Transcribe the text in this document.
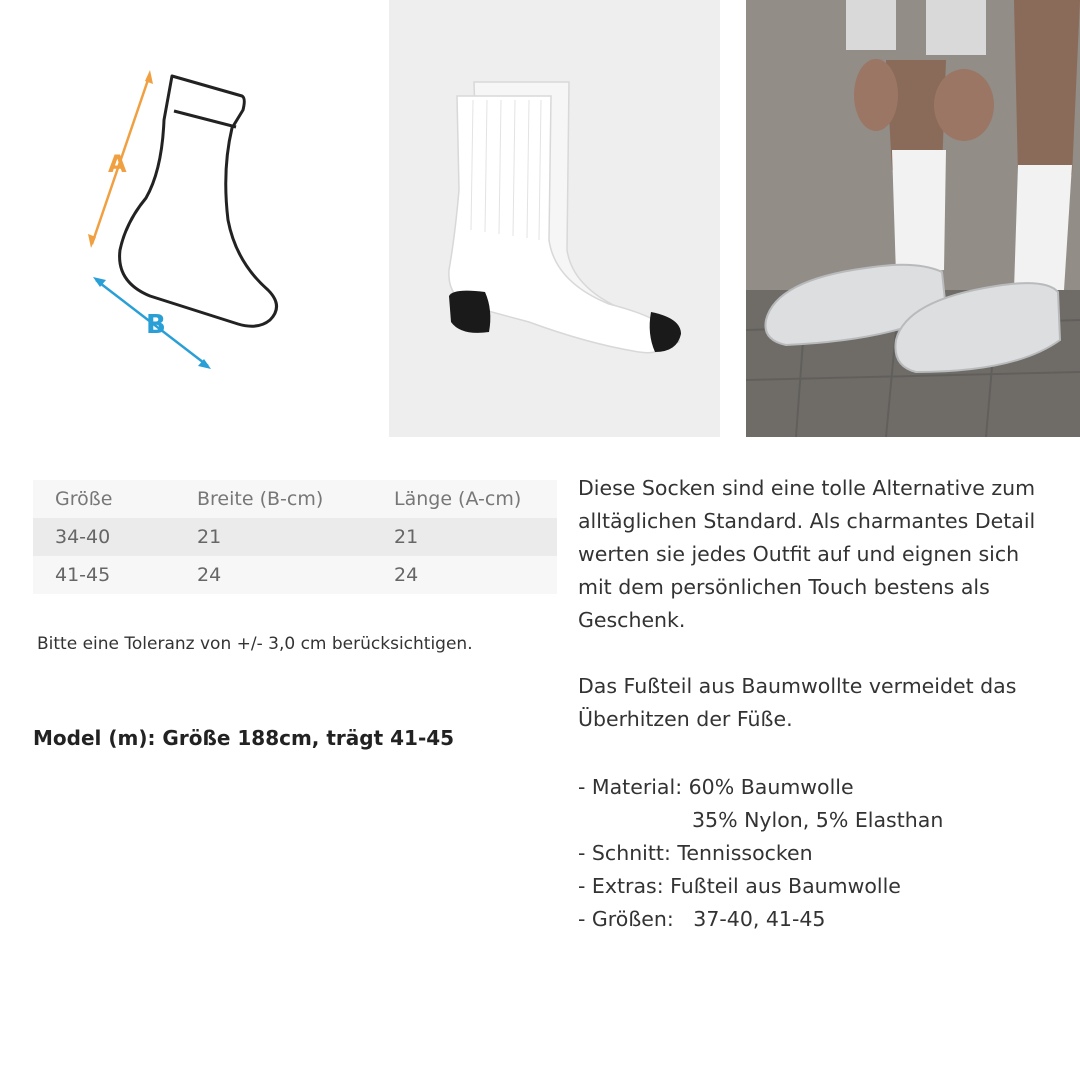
A
B
Größe	Breite (B-cm)	Länge (A-cm)
34-40	21	21
41-45	24	24
Bitte eine Toleranz von +/- 3,0 cm berücksichtigen.
Model (m): Größe 188cm, trägt 41-45
Diese Socken sind eine tolle Alternative zum
alltäglichen Standard. Als charmantes Detail
werten sie jedes Outfit auf und eignen sich
mit dem persönlichen Touch bestens als
Geschenk.
Das Fußteil aus Baumwollte vermeidet das
Überhitzen der Füße.
- Material: 60% Baumwolle
35% Nylon, 5% Elasthan
- Schnitt: Tennissocken
- Extras: Fußteil aus Baumwolle
- Größen:   37-40, 41-45
